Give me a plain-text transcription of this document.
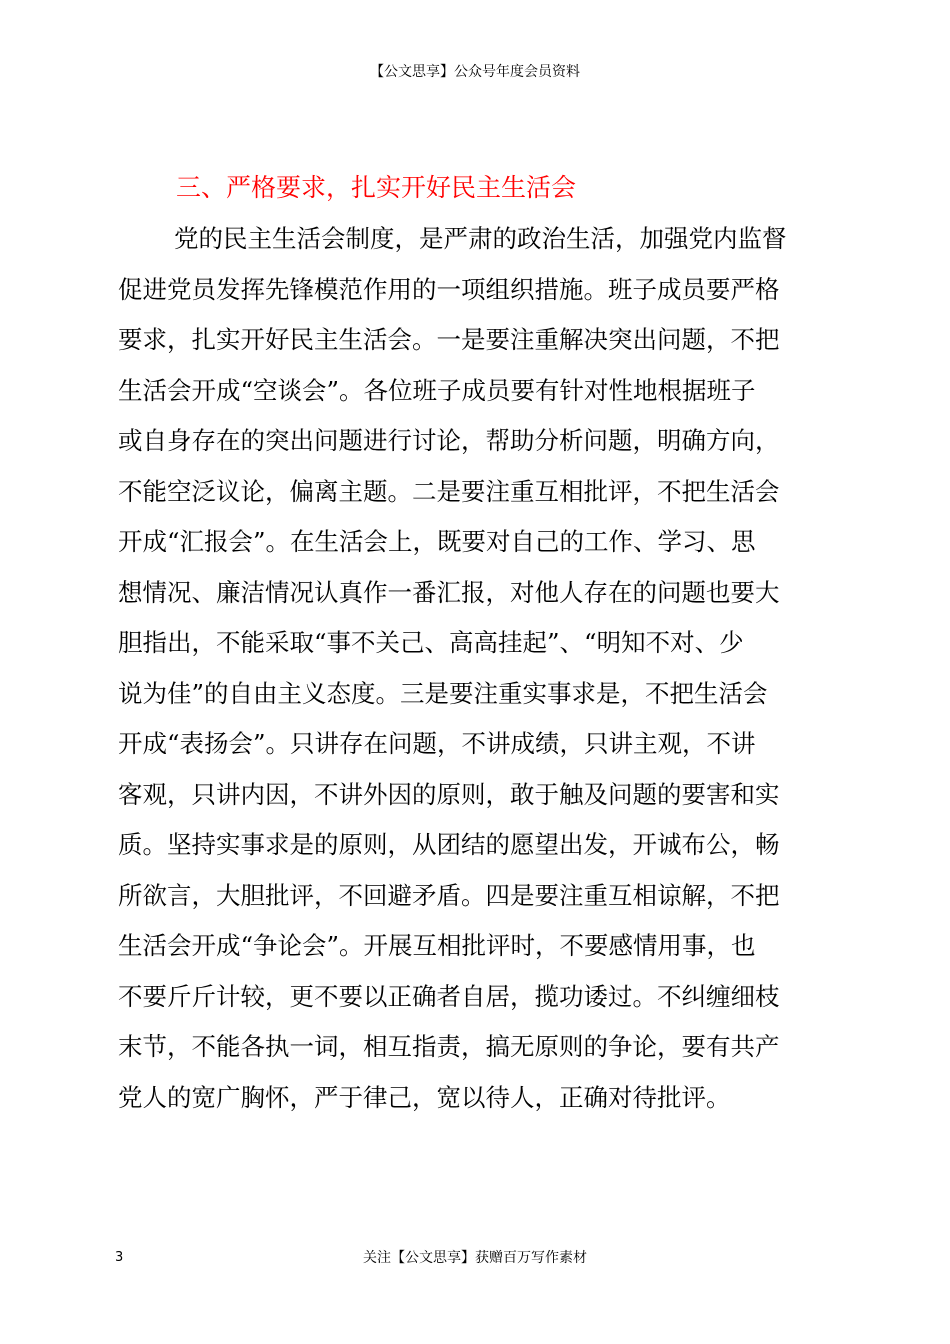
【公文思享】公众号年度会员资料
三、严格要求，扎实开好民主生活会
党的民主生活会制度，是严肃的政治生活，加强党内监督
促进党员发挥先锋模范作用的一项组织措施。班子成员要严格
要求，扎实开好民主生活会。一是要注重解决突出问题，不把
生活会开成“空谈会”。各位班子成员要有针对性地根据班子
或自身存在的突出问题进行讨论，帮助分析问题，明确方向，
不能空泛议论，偏离主题。二是要注重互相批评，不把生活会
开成“汇报会”。在生活会上，既要对自己的工作、学习、思
想情况、廉洁情况认真作一番汇报，对他人存在的问题也要大
胆指出，不能采取“事不关己、高高挂起”、“明知不对、少
说为佳”的自由主义态度。三是要注重实事求是，不把生活会
开成“表扬会”。只讲存在问题，不讲成绩，只讲主观，不讲
客观，只讲内因，不讲外因的原则，敢于触及问题的要害和实
质。坚持实事求是的原则，从团结的愿望出发，开诚布公，畅
所欲言，大胆批评，不回避矛盾。四是要注重互相谅解，不把
生活会开成“争论会”。开展互相批评时，不要感情用事，也
不要斤斤计较，更不要以正确者自居，揽功诿过。不纠缠细枝
末节，不能各执一词，相互指责，搞无原则的争论，要有共产
党人的宽广胸怀，严于律己，宽以待人，正确对待批评。
3	关注【公文思享】获赠百万写作素材
